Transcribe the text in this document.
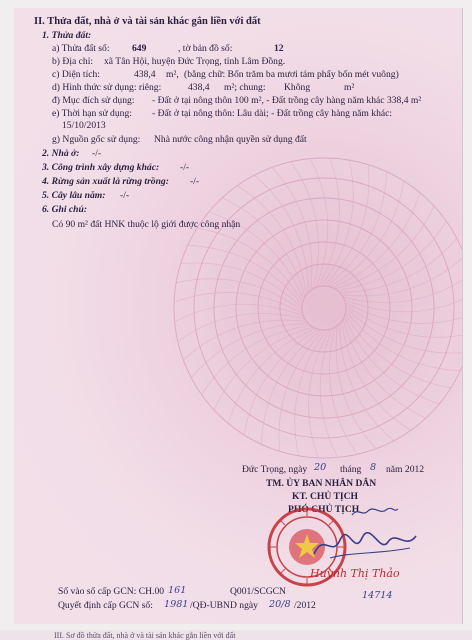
II. Thửa đất, nhà ở và tài sản khác gắn liền với đất
1. Thửa đất:
a) Thửa đất số: 649	, tờ bản đồ số:	12
b) Địa chỉ: xã Tân Hội, huyện Đức Trọng, tỉnh Lâm Đồng.
c) Diện tích:	438,4 m², (bằng chữ: Bốn trăm ba mươi tám phẩy bốn mét vuông)
d) Hình thức sử dụng: riêng:	438,4 m²; chung: Không	m²
đ) Mục đích sử dụng: - Đất ở tại nông thôn 100 m², - Đất trồng cây hàng năm khác 338,4 m²
e) Thời hạn sử dụng: - Đất ở tại nông thôn: Lâu dài; - Đất trồng cây hàng năm khác:
15/10/2013
g) Nguồn gốc sử dụng: Nhà nước công nhận quyền sử dụng đất
2. Nhà ở: -/-
3. Công trình xây dựng khác: -/-
4. Rừng sản xuất là rừng trồng: -/-
5. Cây lâu năm: -/-
6. Ghi chú:
Có 90 m² đất HNK thuộc lộ giới được công nhận
Đức Trọng, ngày 20 tháng 8 năm 2012
TM. ỦY BAN NHÂN DÂN
KT. CHỦ TỊCH
PHÓ CHỦ TỊCH
Huỳnh Thị Thảo
Số vào sổ cấp GCN: CH.00 161	Q001/SCGCN
Quyết định cấp GCN số: 1981 /QĐ-UBND ngày 20/8 /2012
14714
III. Sơ đồ thửa đất, nhà ở và tài sản khác gắn liền với đất
